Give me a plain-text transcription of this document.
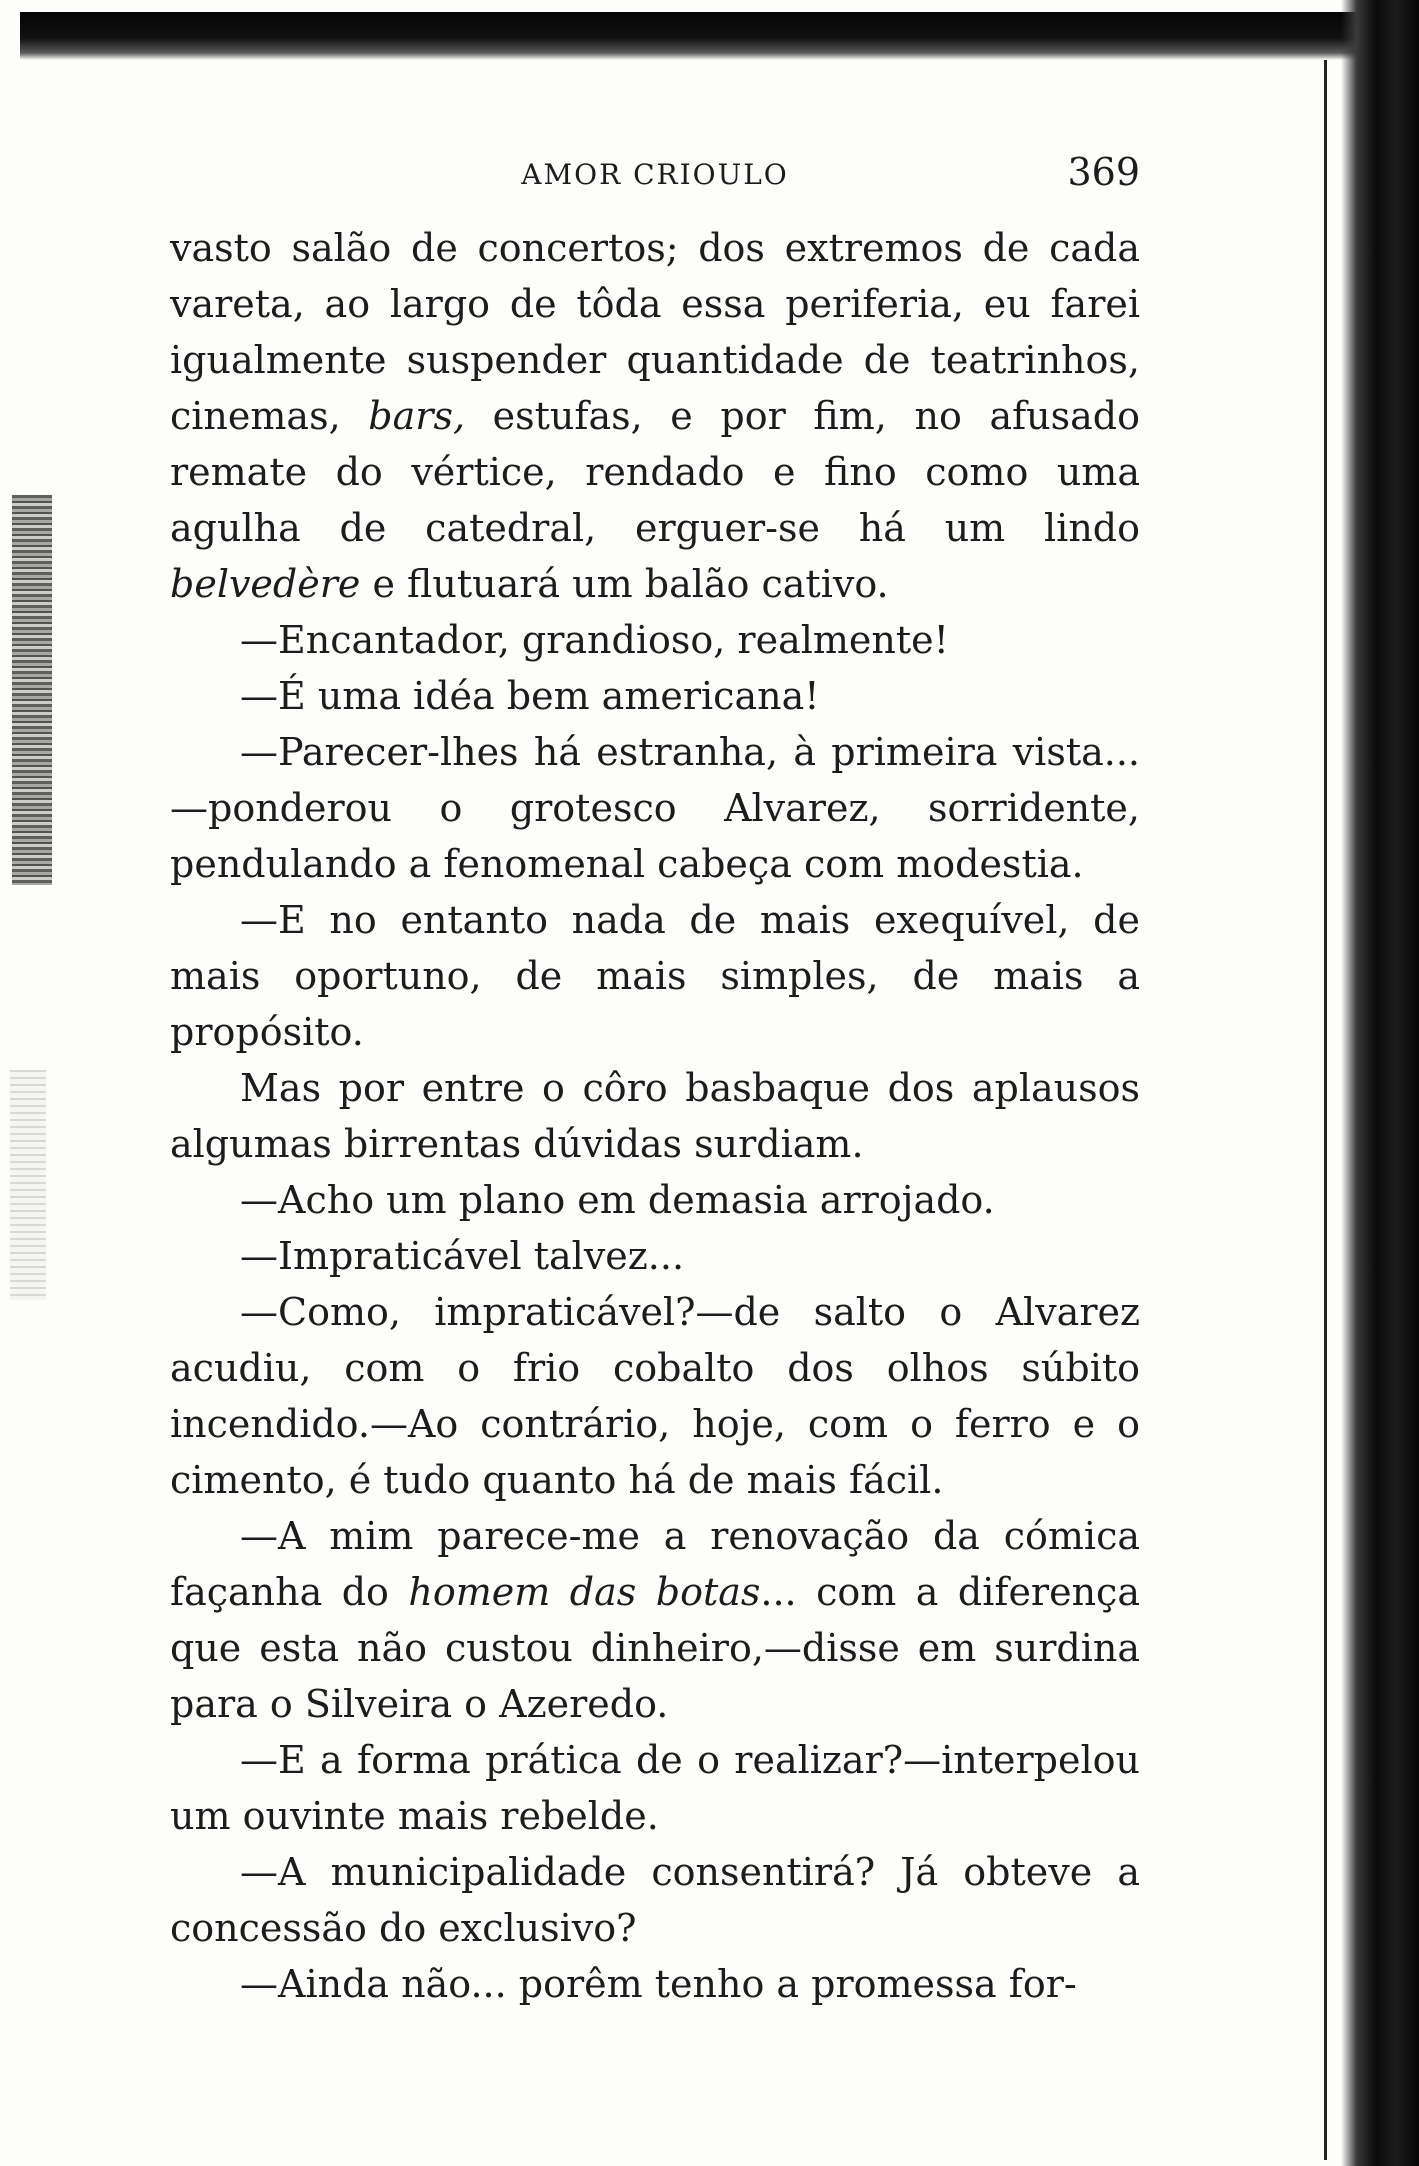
AMOR CRIOULO	369

vasto salão de concertos; dos extremos de cada vareta, ao largo de tôda essa periferia, eu farei igualmente suspender quantidade de teatrinhos, cinemas, bars, estufas, e por fim, no afusado remate do vértice, rendado e fino como uma agulha de catedral, erguer-se há um lindo belvedère e flutuará um balão cativo.

—Encantador, grandioso, realmente!

—É uma idéa bem americana!

—Parecer-lhes há estranha, à primeira vista...—ponderou o grotesco Alvarez, sorridente, pendulando a fenomenal cabeça com modestia.

—E no entanto nada de mais exequível, de mais oportuno, de mais simples, de mais a propósito.

Mas por entre o côro basbaque dos aplausos algumas birrentas dúvidas surdiam.

—Acho um plano em demasia arrojado.

—Impraticável talvez...

—Como, impraticável?—de salto o Alvarez acudiu, com o frio cobalto dos olhos súbito incendido.—Ao contrário, hoje, com o ferro e o cimento, é tudo quanto há de mais fácil.

—A mim parece-me a renovação da cómica façanha do homem das botas... com a diferença que esta não custou dinheiro,—disse em surdina para o Silveira o Azeredo.

—E a forma prática de o realizar?—interpelou um ouvinte mais rebelde.

—A municipalidade consentirá? Já obteve a concessão do exclusivo?

—Ainda não... porêm tenho a promessa for-
